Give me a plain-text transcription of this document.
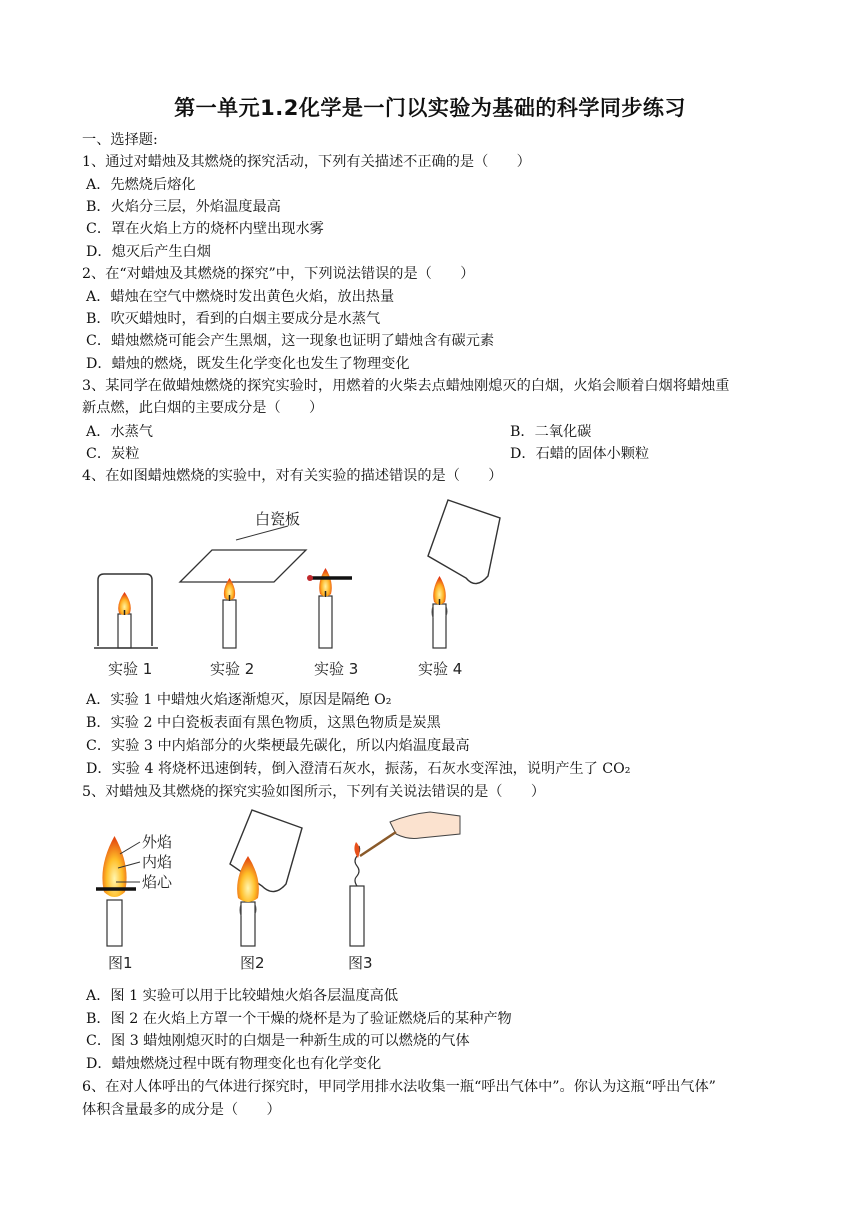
第一单元1.2化学是一门以实验为基础的科学同步练习
一、选择题:
1、通过对蜡烛及其燃烧的探究活动，下列有关描述不正确的是（　　）
A．先燃烧后熔化
B．火焰分三层，外焰温度最高
C．罩在火焰上方的烧杯内壁出现水雾
D．熄灭后产生白烟
2、在“对蜡烛及其燃烧的探究”中，下列说法错误的是（　　）
A．蜡烛在空气中燃烧时发出黄色火焰，放出热量
B．吹灭蜡烛时，看到的白烟主要成分是水蒸气
C．蜡烛燃烧可能会产生黑烟，这一现象也证明了蜡烛含有碳元素
D．蜡烛的燃烧，既发生化学变化也发生了物理变化
3、某同学在做蜡烛燃烧的探究实验时，用燃着的火柴去点蜡烛刚熄灭的白烟，火焰会顺着白烟将蜡烛重
新点燃，此白烟的主要成分是（　　）
A．水蒸气	B．二氧化碳
C．炭粒	D．石蜡的固体小颗粒
4、在如图蜡烛燃烧的实验中，对有关实验的描述错误的是（　　）
白瓷板
实验 1	实验 2	实验 3	实验 4
A．实验 1 中蜡烛火焰逐渐熄灭，原因是隔绝 O₂
B．实验 2 中白瓷板表面有黑色物质，这黑色物质是炭黑
C．实验 3 中内焰部分的火柴梗最先碳化，所以内焰温度最高
D．实验 4 将烧杯迅速倒转，倒入澄清石灰水，振荡，石灰水变浑浊，说明产生了 CO₂
5、对蜡烛及其燃烧的探究实验如图所示，下列有关说法错误的是（　　）
外焰
内焰
焰心
图1	图2	图3
A．图 1 实验可以用于比较蜡烛火焰各层温度高低
B．图 2 在火焰上方罩一个干燥的烧杯是为了验证燃烧后的某种产物
C．图 3 蜡烛刚熄灭时的白烟是一种新生成的可以燃烧的气体
D．蜡烛燃烧过程中既有物理变化也有化学变化
6、在对人体呼出的气体进行探究时，甲同学用排水法收集一瓶“呼出气体中”。你认为这瓶“呼出气体”
体积含量最多的成分是（　　）
